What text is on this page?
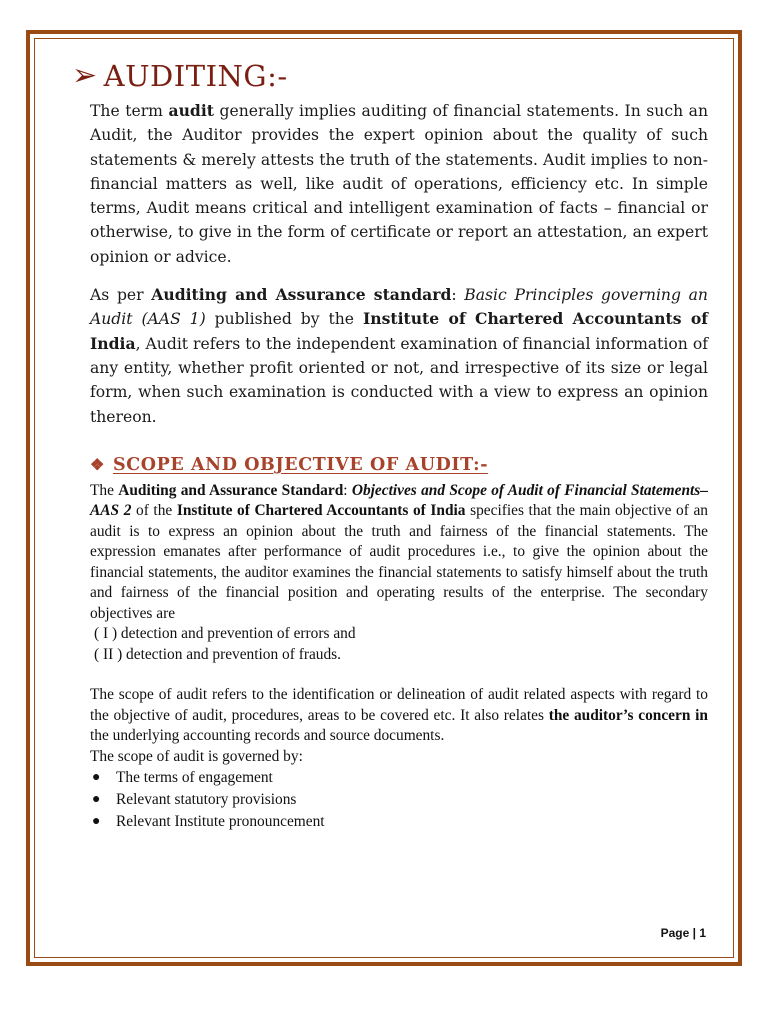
➢ AUDITING:-

The term audit generally implies auditing of financial statements. In such an Audit, the Auditor provides the expert opinion about the quality of such statements & merely attests the truth of the statements. Audit implies to non-financial matters as well, like audit of operations, efficiency etc. In simple terms, Audit means critical and intelligent examination of facts – financial or otherwise, to give in the form of certificate or report an attestation, an expert opinion or advice.

As per Auditing and Assurance standard: Basic Principles governing an Audit (AAS 1) published by the Institute of Chartered Accountants of India, Audit refers to the independent examination of financial information of any entity, whether profit oriented or not, and irrespective of its size or legal form, when such examination is conducted with a view to express an opinion thereon.

❖ SCOPE AND OBJECTIVE OF AUDIT:-

The Auditing and Assurance Standard: Objectives and Scope of Audit of Financial Statements– AAS 2 of the Institute of Chartered Accountants of India specifies that the main objective of an audit is to express an opinion about the truth and fairness of the financial statements. The expression emanates after performance of audit procedures i.e., to give the opinion about the financial statements, the auditor examines the financial statements to satisfy himself about the truth and fairness of the financial position and operating results of the enterprise. The secondary objectives are

( I ) detection and prevention of errors and

( II ) detection and prevention of frauds.

The scope of audit refers to the identification or delineation of audit related aspects with regard to the objective of audit, procedures, areas to be covered etc. It also relates the auditor’s concern in the underlying accounting records and source documents.

The scope of audit is governed by:

● The terms of engagement
● Relevant statutory provisions
● Relevant Institute pronouncement
Page | 1
